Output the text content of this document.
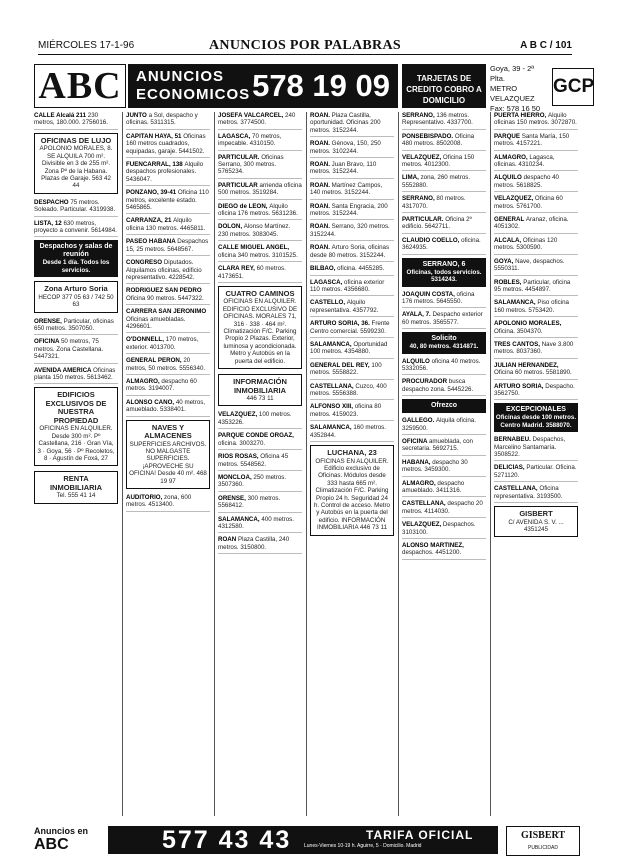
MIÉRCOLES 17-1-96	ANUNCIOS POR PALABRAS	A B C / 101
ABC ANUNCIOS
ECONOMICOS 578 19 09	TARJETAS DE CREDITO COBRO A DOMICILIO
Goya, 39 - 2ª Plta.
METRO VELAZQUEZ
Fax: 578 16 50
GCP
CALLE Alcalá 211 230 metros, 180.000. 2756016.
OFICINAS DE LUJO
APOLONIO MORALES, 8. SE ALQUILA 700 m². Divisible en 3 de 255 m². Zona Pº de la Habana. Plazas de Garaje. 563 42 44
DESPACHO 75 metros. Soleado. Particular. 4319938.
LISTA, 12 630 metros, proyecto a convenir. 5614984.
Despachos y salas de reunión
Desde 1 día. Todos los servicios.
Zona Arturo Soria
HECOP 377 05 63 / 742 50 63
ORENSE, Particular, oficinas 650 metros. 3507050.
OFICINA 50 metros, 75 metros. Zona Castellana. 5447321.
AVENIDA AMERICA Oficinas planta 150 metros. 5613462.
EDIFICIOS EXCLUSIVOS DE NUESTRA PROPIEDAD
OFICINAS EN ALQUILER. Desde 300 m². Pº Castellana, 216 · Gran Vía, 3 · Goya, 56 · Pº Recoletos, 8 · Agustín de Foxá, 27
RENTA INMOBILIARIA
Tel. 555 41 14
JUNTO a Sol, despacho y oficinas. 5311315.
CAPITAN HAYA, 51 Oficinas 160 metros cuadrados, equipadas, garaje. 5441502.
FUENCARRAL, 138 Alquilo despachos profesionales. 5436047.
PONZANO, 39-41 Oficina 110 metros, excelente estado. 5465865.
CARRANZA, 21 Alquilo oficina 130 metros. 4465811.
PASEO HABANA Despachos 15, 25 metros. 5648567.
CONGRESO Diputados. Alquilamos oficinas, edificio representativo. 4228542.
RODRIGUEZ SAN PEDRO Oficina 90 metros. 5447322.
CARRERA SAN JERONIMO Oficinas amuebladas. 4296601.
O'DONNELL, 170 metros, exterior. 4013700.
GENERAL PERON, 20 metros, 50 metros. 5556340.
ALMAGRO, despacho 60 metros. 3194007.
ALONSO CANO, 40 metros, amueblado. 5338401.
NAVES Y ALMACENES
SUPERFICIES ARCHIVOS. NO MALGASTE SUPERFICIES. ¡APROVECHE SU OFICINA! Desde 40 m². 468 19 97
AUDITORIO, zona, 600 metros. 4513400.
JOSEFA VALCARCEL, 240 metros. 3774500.
LAGASCA, 70 metros, impecable. 4310150.
PARTICULAR. Oficinas Serrano, 300 metros. 5765234.
PARTICULAR arrienda oficina 500 metros. 3519284.
DIEGO de LEON, Alquilo oficina 176 metros. 5631236.
DOLON, Alonso Martínez. 230 metros. 3083045.
CALLE MIGUEL ANGEL, oficina 340 metros. 3101525.
CLARA REY, 60 metros. 4173651.
CUATRO CAMINOS
OFICINAS EN ALQUILER. EDIFICIO EXCLUSIVO DE OFICINAS. MORALES 71, 316 · 338 · 464 m². Climatización F/C. Parking Propio 2 Plazas. Exterior, luminosa y acondicionada. Metro y Autobús en la puerta del edificio.
INFORMACIÓN INMOBILIARIA
446 73 11
VELAZQUEZ, 100 metros. 4353226.
PARQUE CONDE ORGAZ, oficina. 3003270.
RIOS ROSAS, Oficina 45 metros. 5548562.
MONCLOA, 250 metros. 3507360.
ORENSE, 300 metros. 5568412.
SALAMANCA, 400 metros. 4312580.
ROAN Plaza Castilla, 240 metros. 3150800.
ROAN. Plaza Castilla, oportunidad. Oficinas 200 metros. 3152244.
ROAN. Génova, 150, 250 metros. 3102244.
ROAN. Juan Bravo, 110 metros. 3152244.
ROAN. Martínez Campos, 140 metros. 3152244.
ROAN. Santa Engracia, 200 metros. 3152244.
ROAN. Serrano, 320 metros. 3152244.
ROAN. Arturo Soria, oficinas desde 80 metros. 3152244.
BILBAO, oficina. 4455285.
LAGASCA, oficina exterior 110 metros. 4356680.
CASTELLO, Alquilo representativa. 4357792.
ARTURO SORIA, 36. Frente Centro comercial. 5599230.
SALAMANCA, Oportunidad 100 metros. 4354880.
GENERAL DEL REY, 100 metros. 5558822.
CASTELLANA, Cuzco, 400 metros. 5556388.
ALFONSO XIII, oficina 80 metros. 4159023.
SALAMANCA, 160 metros. 4352844.
LUCHANA, 23
OFICINAS EN ALQUILER. Edificio exclusivo de Oficinas. Módulos desde 333 hasta 665 m². Climatización F/C. Parking Propio 24 h. Seguridad 24 h. Control de acceso. Metro y Autobús en la puerta del edificio. INFORMACIÓN INMOBILIARIA 446 73 11
SERRANO, 136 metros. Representativo. 4337700.
PONSEBISPADO. Oficina 480 metros. 8502008.
VELAZQUEZ, Oficina 150 metros. 4012300.
LIMA, zona, 260 metros. 5552880.
SERRANO, 80 metros. 4317070.
PARTICULAR. Oficina 2º edificio. 5642711.
CLAUDIO COELLO, oficina. 3624935.
SERRANO, 6
Oficinas, todos servicios. 5314243.
JOAQUIN COSTA, oficina 176 metros. 5645550.
AYALA, 7. Despacho exterior 60 metros. 3565577.
Solicito
40, 80 metros. 4314871.
ALQUILO oficina 40 metros. 5332056.
PROCURADOR busca despacho zona. 5445226.
Ofrezco
GALLEGO. Alquila oficina. 3259500.
OFICINA amueblada, con secretaria. 5692715.
HABANA, despacho 30 metros. 3459300.
ALMAGRO, despacho amueblado. 3411316.
CASTELLANA, despacho 20 metros. 4114030.
VELAZQUEZ, Despachos. 3103100.
ALONSO MARTINEZ, despachos. 4451200.
PUERTA HIERRO, Alquilo oficinas 150 metros. 3072870.
PARQUE Santa María, 150 metros. 4157221.
ALMAGRO, Lagasca, oficinas. 4310234.
ALQUILO despacho 40 metros. 5618825.
VELAZQUEZ, Oficina 60 metros. 5761700.
GENERAL Aranaz, oficina. 4051302.
ALCALA, Oficinas 120 metros. 5300590.
GOYA, Nave, despachos. 5550311.
ROBLES, Particular, oficina 95 metros. 4454897.
SALAMANCA, Piso oficina 160 metros. 5753420.
APOLONIO MORALES, Oficina. 3504370.
TRES CANTOS, Nave 3.800 metros. 8037360.
JULIAN HERNANDEZ, Oficina 60 metros. 5581890.
ARTURO SORIA, Despacho. 3562750.
EXCEPCIONALES
Oficinas desde 100 metros. Centro Madrid. 3588070.
BERNABEU. Despachos, Marcelino Santamaría. 3508522.
DELICIAS, Particular. Oficina. 5271120.
CASTELLANA, Oficina representativa. 3193500.
GISBERT
C/ AVENIDA S. V. ... 4351245
Anuncios en
ABC	577 43 43	TARIFA OFICIAL
Lunes-Viernes 10-19 h. Aguirre, 5 · Domicilio. Madrid
GISBERT
PUBLICIDAD
